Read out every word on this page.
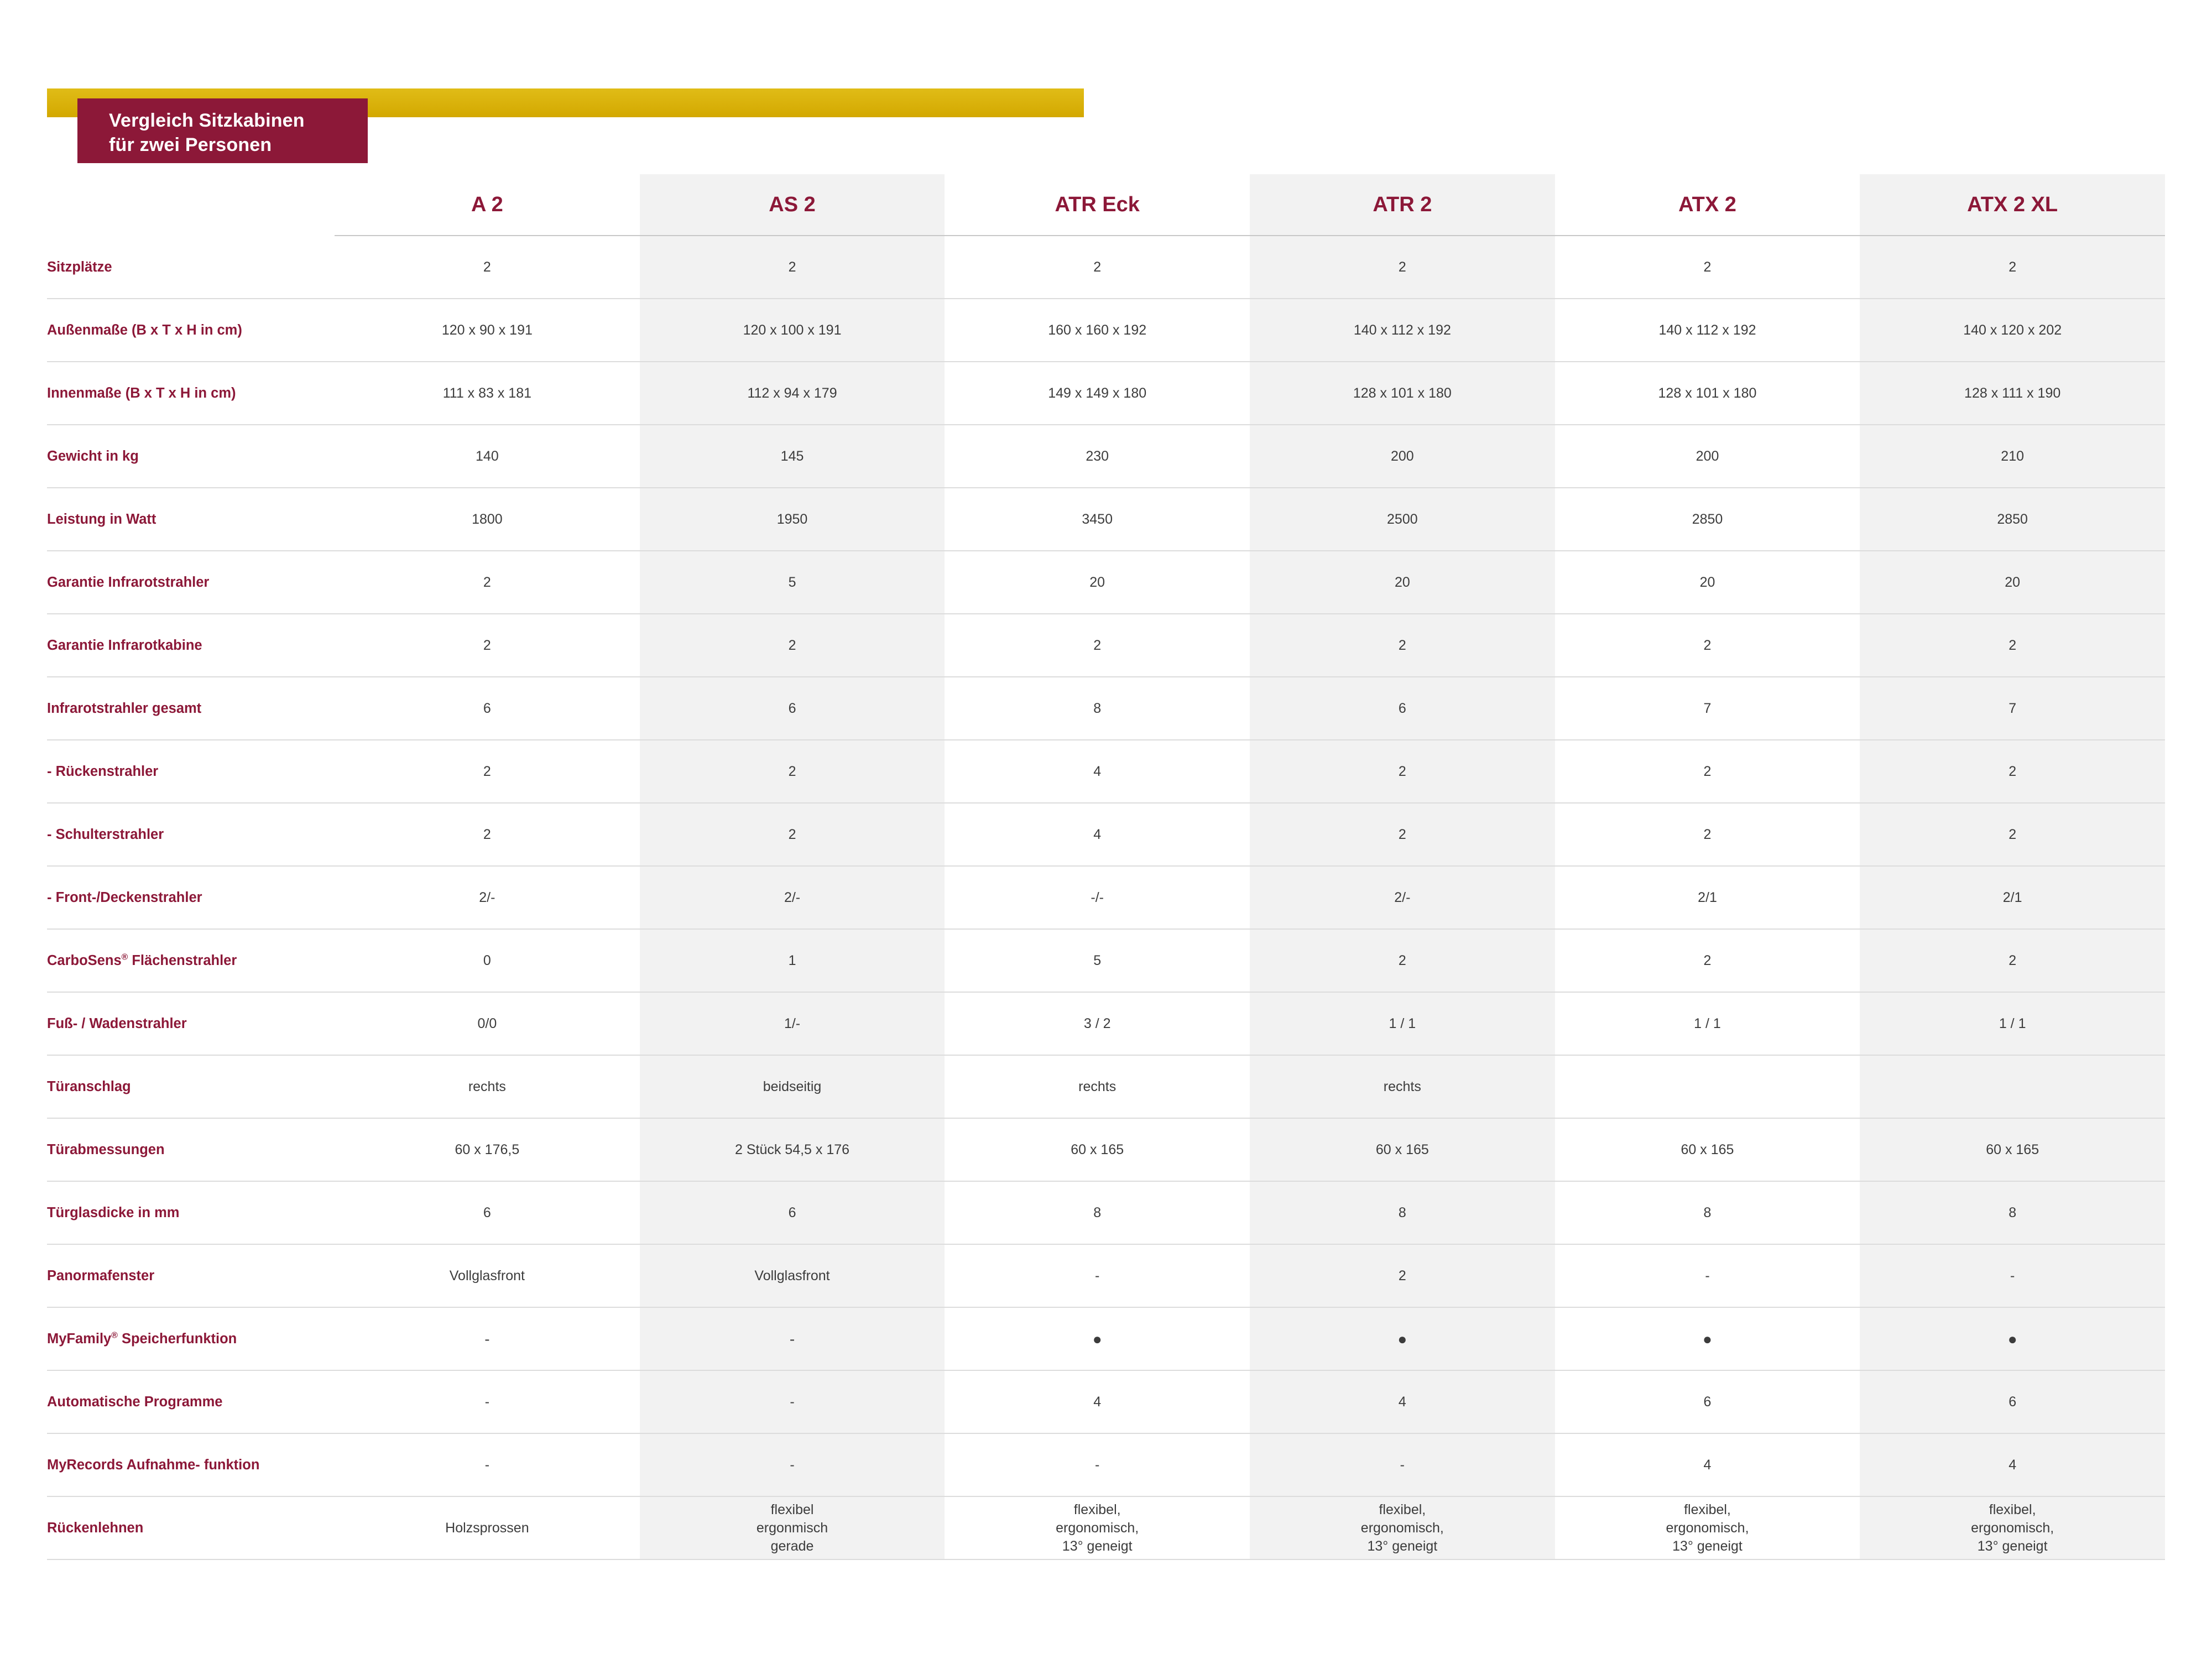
Vergleich Sitzkabinen
für zwei Personen
	A 2	AS 2	ATR Eck	ATR 2	ATX 2	ATX 2 XL
Sitzplätze	2	2	2	2	2	2
Außenmaße (B x T x H in cm)	120 x 90 x 191	120 x 100 x 191	160 x 160 x 192	140 x 112 x 192	140 x 112 x 192	140 x 120 x 202
Innenmaße (B x T x H in cm)	111 x 83 x 181	112 x 94 x 179	149 x 149 x 180	128 x 101 x 180	128 x 101 x 180	128 x 111 x 190
Gewicht in kg	140	145	230	200	200	210
Leistung in Watt	1800	1950	3450	2500	2850	2850
Garantie Infrarotstrahler	2	5	20	20	20	20
Garantie Infrarotkabine	2	2	2	2	2	2
Infrarotstrahler gesamt	6	6	8	6	7	7
- Rückenstrahler	2	2	4	2	2	2
- Schulterstrahler	2	2	4	2	2	2
- Front-/Deckenstrahler	2/-	2/-	-/-	2/-	2/1	2/1
CarboSens® Flächenstrahler	0	1	5	2	2	2
Fuß- / Wadenstrahler	0/0	1/-	3 / 2	1 / 1	1 / 1	1 / 1
Türanschlag	rechts	beidseitig	rechts	rechts		
Türabmessungen	60 x 176,5	2 Stück 54,5 x 176	60 x 165	60 x 165	60 x 165	60 x 165
Türglasdicke in mm	6	6	8	8	8	8
Panormafenster	Vollglasfront	Vollglasfront	-	2	-	-
MyFamily® Speicherfunktion	-	-	●	●	●	●
Automatische Programme	-	-	4	4	6	6
MyRecords Aufnahme- funktion	-	-	-	-	4	4
Rückenlehnen	Holzsprossen	flexibel
ergonmisch
gerade	flexibel,
ergonomisch,
13° geneigt	flexibel,
ergonomisch,
13° geneigt	flexibel,
ergonomisch,
13° geneigt	flexibel,
ergonomisch,
13° geneigt
